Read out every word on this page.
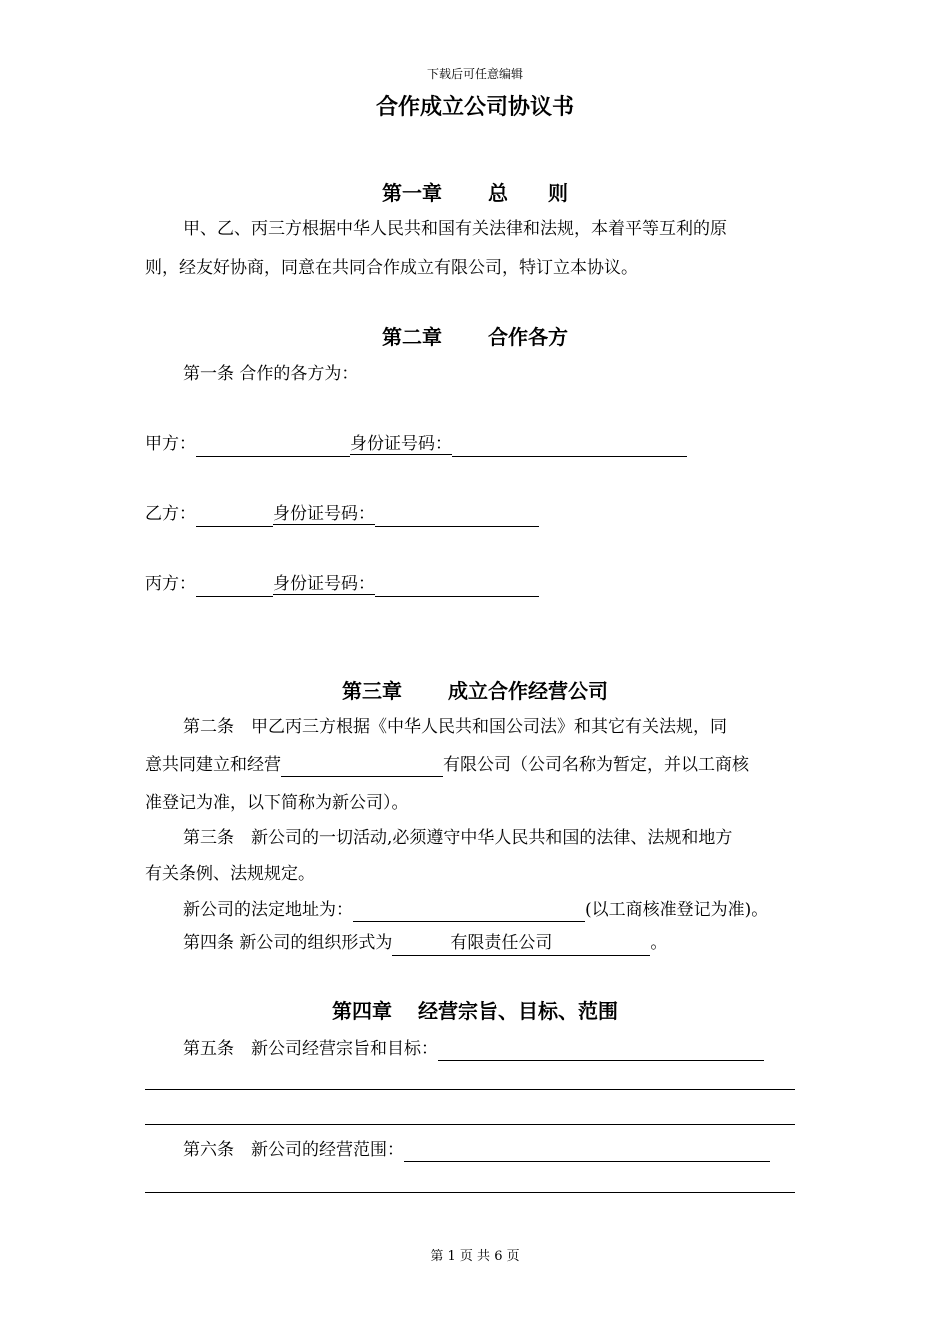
下载后可任意编辑
合作成立公司协议书
第一章 总　　则
甲、乙、丙三方根据中华人民共和国有关法律和法规，本着平等互利的原
则，经友好协商，同意在共同合作成立有限公司，特订立本协议。
第二章 合作各方
第一条 合作的各方为：
甲方：	身份证号码：
乙方：	身份证号码：
丙方：	身份证号码：
第三章 成立合作经营公司
第二条　甲乙丙三方根据《中华人民共和国公司法》和其它有关法规，同
意共同建立和经营	有限公司（公司名称为暂定，并以工商核
准登记为准，以下简称为新公司）。
第三条　新公司的一切活动,必须遵守中华人民共和国的法律、法规和地方
有关条例、法规规定。
新公司的法定地址为：	(以工商核准登记为准)。
第四条 新公司的组织形式为	有限责任公司	。
第四章 经营宗旨、目标、范围
第五条　新公司经营宗旨和目标：
第六条　新公司的经营范围：
第 1 页 共 6 页
